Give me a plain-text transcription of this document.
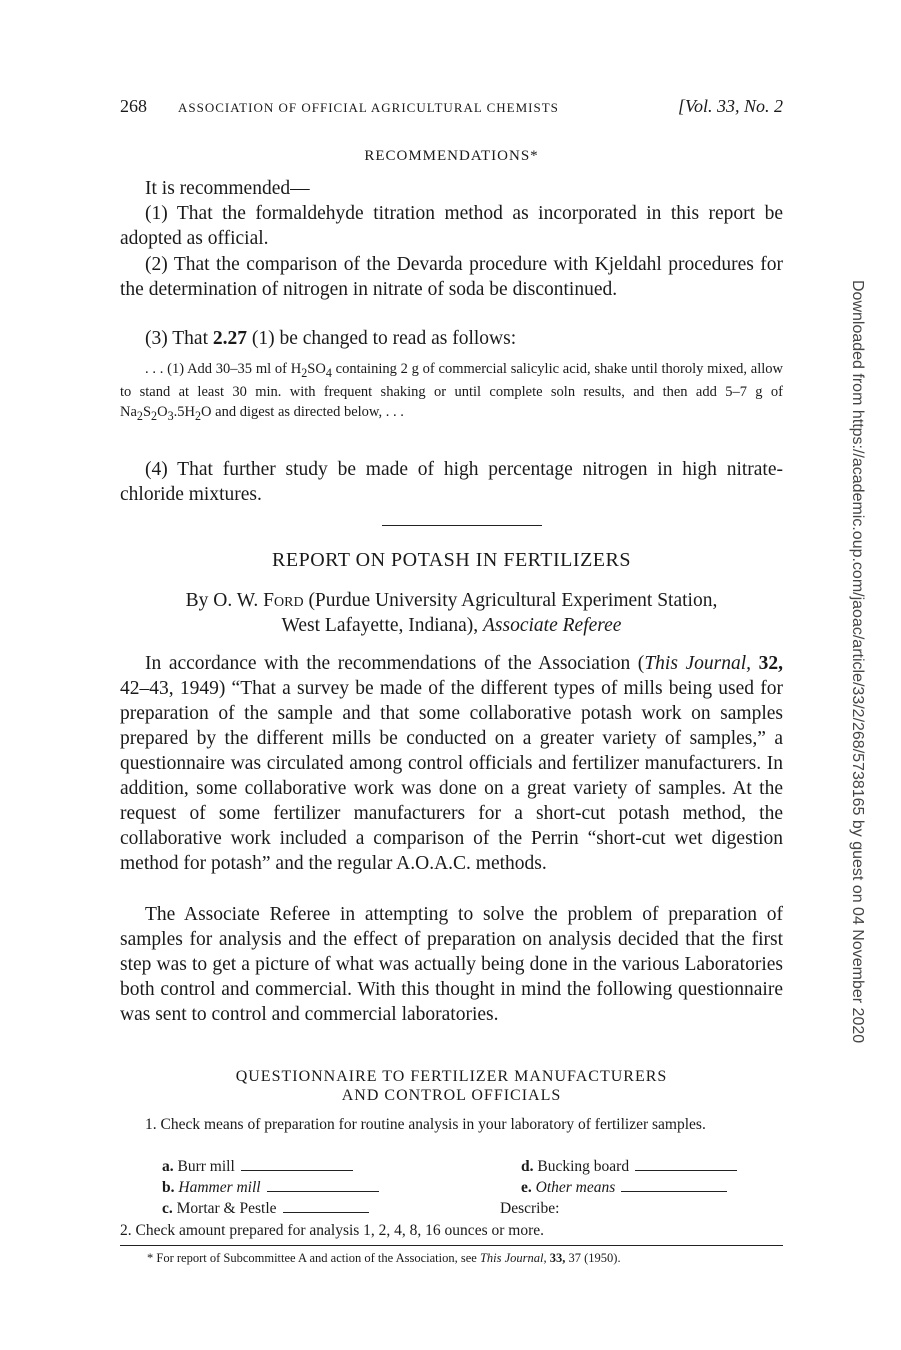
268 ASSOCIATION OF OFFICIAL AGRICULTURAL CHEMISTS	[Vol. 33, No. 2
RECOMMENDATIONS*
It is recommended—
(1) That the formaldehyde titration method as incorporated in this report be adopted as official.
(2) That the comparison of the Devarda procedure with Kjeldahl procedures for the determination of nitrogen in nitrate of soda be discontinued.
(3) That 2.27 (1) be changed to read as follows:
. . . (1) Add 30–35 ml of $H_2SO_4$ containing 2 g of commercial salicylic acid, shake until thoroly mixed, allow to stand at least 30 min. with frequent shaking or until complete soln results, and then add 5–7 g of $Na_2S_2O_3.5H_2O$ and digest as directed below, . . .
(4) That further study be made of high percentage nitrogen in high nitrate-chloride mixtures.
REPORT ON POTASH IN FERTILIZERS
By O. W. Ford (Purdue University Agricultural Experiment Station,
West Lafayette, Indiana), Associate Referee
In accordance with the recommendations of the Association (This Journal, 32, 42–43, 1949) “That a survey be made of the different types of mills being used for preparation of the sample and that some collaborative potash work on samples prepared by the different mills be conducted on a greater variety of samples,” a questionnaire was circulated among control officials and fertilizer manufacturers. In addition, some collaborative work was done on a great variety of samples. At the request of some fertilizer manufacturers for a short-cut potash method, the collaborative work included a comparison of the Perrin “short-cut wet digestion method for potash” and the regular A.O.A.C. methods.
The Associate Referee in attempting to solve the problem of preparation of samples for analysis and the effect of preparation on analysis decided that the first step was to get a picture of what was actually being done in the various Laboratories both control and commercial. With this thought in mind the following questionnaire was sent to control and commercial laboratories.
QUESTIONNAIRE TO FERTILIZER MANUFACTURERS
AND CONTROL OFFICIALS
1. Check means of preparation for routine analysis in your laboratory of fertilizer samples.
a. Burr mill
b. Hammer mill
c. Mortar & Pestle
d. Bucking board
e. Other means
Describe:
2. Check amount prepared for analysis 1, 2, 4, 8, 16 ounces or more.
* For report of Subcommittee A and action of the Association, see This Journal, 33, 37 (1950).
Downloaded from https://academic.oup.com/jaoac/article/33/2/268/5738165 by guest on 04 November 2020
